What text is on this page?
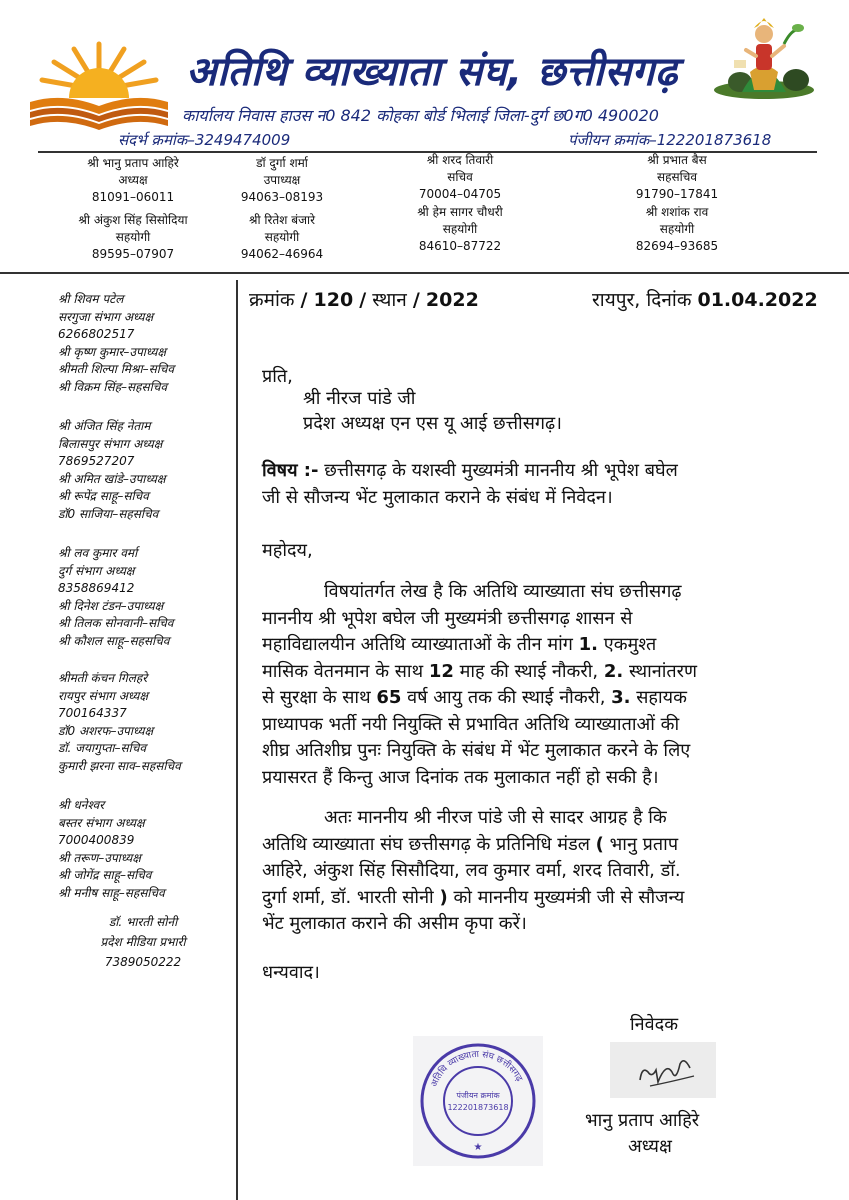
अतिथि व्याख्याता संघ, छत्तीसगढ़
कार्यालय निवास हाउस न0 842 कोहका बोर्ड भिलाई जिला-दुर्ग छ0ग0 490020
संदर्भ क्रमांक–3249474009	पंजीयन क्रमांक–122201873618
श्री भानु प्रताप आहिरे
अध्यक्ष
81091–06011
श्री अंकुश सिंह सिसोदिया
सहयोगी
89595–07907
डॉ दुर्गा शर्मा
उपाध्यक्ष
94063–08193
श्री रितेश बंजारे
सहयोगी
94062–46964
श्री शरद तिवारी
सचिव
70004–04705
श्री हेम सागर चौधरी
सहयोगी
84610–87722
श्री प्रभात बैस
सहसचिव
91790–17841
श्री शशांक राव
सहयोगी
82694–93685
श्री शिवम पटेल
सरगुजा संभाग अध्यक्ष
6266802517
श्री कृष्ण कुमार–उपाध्यक्ष
श्रीमती शिल्पा मिश्रा–सचिव
श्री विक्रम सिंह–सहसचिव
श्री अंजित सिंह नेताम
बिलासपुर संभाग अध्यक्ष
7869527207
श्री अमित खांडे–उपाध्यक्ष
श्री रूपेंद्र साहू–सचिव
डॉ0 साजिया–सहसचिव
श्री लव कुमार वर्मा
दुर्ग संभाग अध्यक्ष
8358869412
श्री दिनेश टंडन–उपाध्यक्ष
श्री तिलक सोनवानी–सचिव
श्री कौशल साहू–सहसचिव
श्रीमती कंचन गिलहरे
रायपुर संभाग अध्यक्ष
700164337
डॉ0 अशरफ–उपाध्यक्ष
डॉ. जयागुप्ता–सचिव
कुमारी झरना साव–सहसचिव
श्री धनेश्वर
बस्तर संभाग अध्यक्ष
7000400839
श्री तरूण–उपाध्यक्ष
श्री जोगेंद्र साहू–सचिव
श्री मनीष साहू–सहसचिव
डॉ. भारती सोनी
प्रदेश मीडिया प्रभारी
7389050222
क्रमांक / 120 / स्थान / 2022	रायपुर, दिनांक 01.04.2022
प्रति,
श्री नीरज पांडे जी
प्रदेश अध्यक्ष एन एस यू आई छत्तीसगढ़।
विषय :- छत्तीसगढ़ के यशस्वी मुख्यमंत्री माननीय श्री भूपेश बघेल
जी से सौजन्य भेंट मुलाकात कराने के संबंध में निवेदन।
महोदय,
विषयांतर्गत लेख है कि अतिथि व्याख्याता संघ छत्तीसगढ़
माननीय श्री भूपेश बघेल जी मुख्यमंत्री छत्तीसगढ़ शासन से
महाविद्यालयीन अतिथि व्याख्याताओं के तीन मांग 1. एकमुश्त
मासिक वेतनमान के साथ 12 माह की स्थाई नौकरी, 2. स्थानांतरण
से सुरक्षा के साथ 65 वर्ष आयु तक की स्थाई नौकरी, 3. सहायक
प्राध्यापक भर्ती नयी नियुक्ति से प्रभावित अतिथि व्याख्याताओं की
शीघ्र अतिशीघ्र पुनः नियुक्ति के संबंध में भेंट मुलाकात करने के लिए
प्रयासरत हैं किन्तु आज दिनांक तक मुलाकात नहीं हो सकी है।
अतः माननीय श्री नीरज पांडे जी से सादर आग्रह है कि
अतिथि व्याख्याता संघ छत्तीसगढ़ के प्रतिनिधि मंडल ( भानु प्रताप
आहिरे, अंकुश सिंह सिसौदिया, लव कुमार वर्मा, शरद तिवारी, डॉ.
दुर्गा शर्मा, डॉ. भारती सोनी ) को माननीय मुख्यमंत्री जी से सौजन्य
भेंट मुलाकात कराने की असीम कृपा करें।
धन्यवाद।
निवेदक
अतिथि व्याख्याता संघ छत्तीसगढ़
पंजीयन क्रमांक
122201873618
★
भानु प्रताप आहिरे
अध्यक्ष
